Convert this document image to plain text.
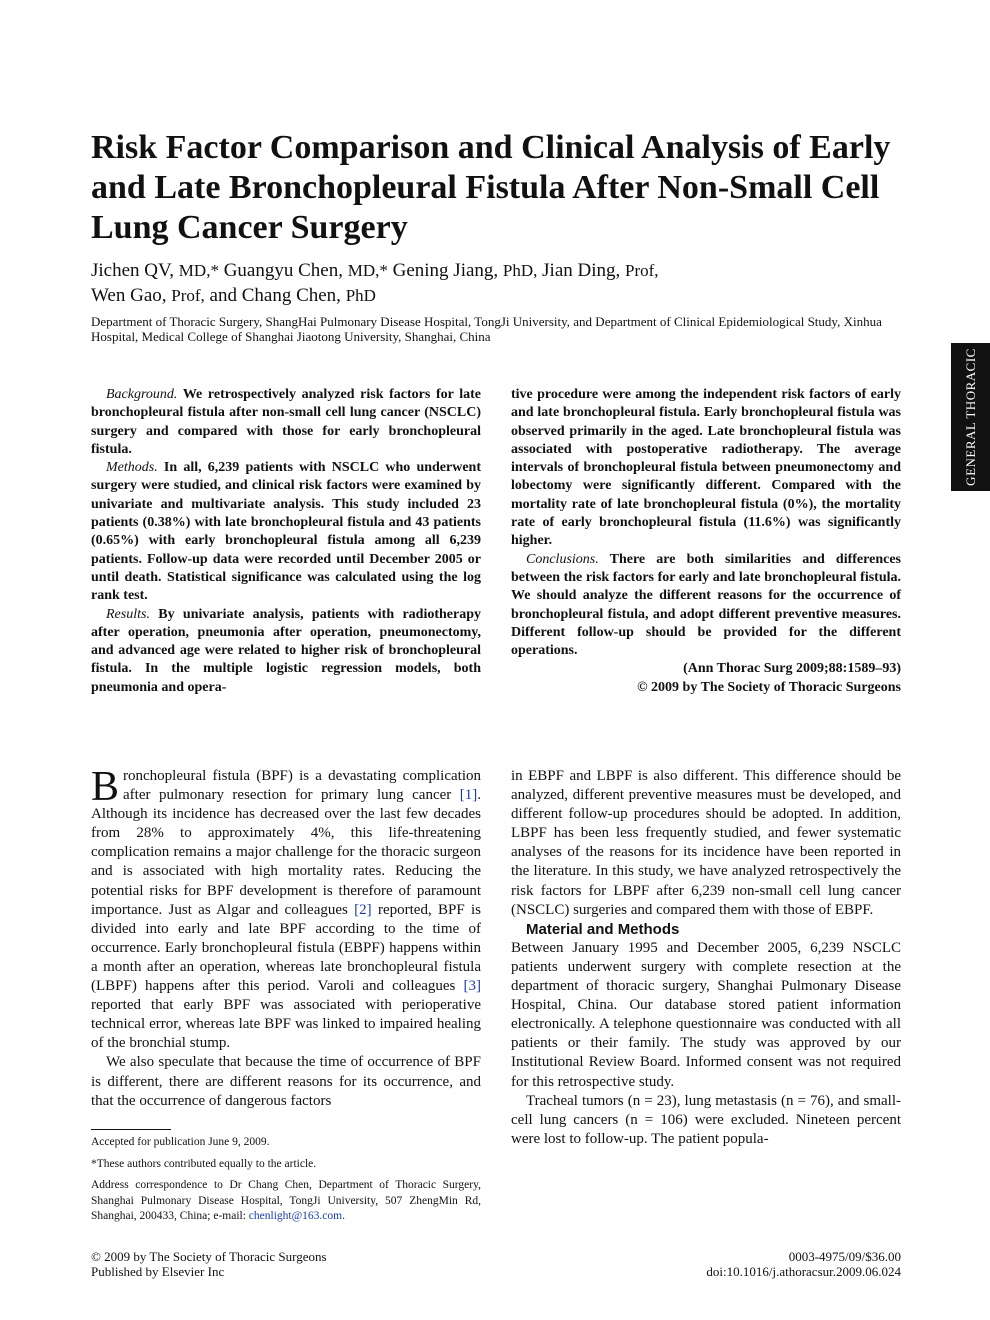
Risk Factor Comparison and Clinical Analysis of Early and Late Bronchopleural Fistula After Non-Small Cell Lung Cancer Surgery
Jichen QV, MD,* Guangyu Chen, MD,* Gening Jiang, PhD, Jian Ding, Prof,
Wen Gao, Prof, and Chang Chen, PhD
Department of Thoracic Surgery, ShangHai Pulmonary Disease Hospital, TongJi University, and Department of Clinical Epidemiological Study, Xinhua Hospital, Medical College of Shanghai Jiaotong University, Shanghai, China
GENERAL THORACIC

Background. We retrospectively analyzed risk factors for late bronchopleural fistula after non-small cell lung cancer (NSCLC) surgery and compared with those for early bronchopleural fistula.

Methods. In all, 6,239 patients with NSCLC who underwent surgery were studied, and clinical risk factors were examined by univariate and multivariate analysis. This study included 23 patients (0.38%) with late bronchopleural fistula and 43 patients (0.65%) with early bronchopleural fistula among all 6,239 patients. Follow-up data were recorded until December 2005 or until death. Statistical significance was calculated using the log rank test.

Results. By univariate analysis, patients with radiotherapy after operation, pneumonia after operation, pneumonectomy, and advanced age were related to higher risk of bronchopleural fistula. In the multiple logistic regression models, both pneumonia and opera-

tive procedure were among the independent risk factors of early and late bronchopleural fistula. Early bronchopleural fistula was observed primarily in the aged. Late bronchopleural fistula was associated with postoperative radiotherapy. The average intervals of bronchopleural fistula between pneumonectomy and lobectomy were significantly different. Compared with the mortality rate of late bronchopleural fistula (0%), the mortality rate of early bronchopleural fistula (11.6%) was significantly higher.

Conclusions. There are both similarities and differences between the risk factors for early and late bronchopleural fistula. We should analyze the different reasons for the occurrence of bronchopleural fistula, and adopt different preventive measures. Different follow-up should be provided for the different operations.

(Ann Thorac Surg 2009;88:1589–93)

© 2009 by The Society of Thoracic Surgeons

Bronchopleural fistula (BPF) is a devastating complication after pulmonary resection for primary lung cancer [1]. Although its incidence has decreased over the last few decades from 28% to approximately 4%, this life-threatening complication remains a major challenge for the thoracic surgeon and is associated with high mortality rates. Reducing the potential risks for BPF development is therefore of paramount importance. Just as Algar and colleagues [2] reported, BPF is divided into early and late BPF according to the time of occurrence. Early bronchopleural fistula (EBPF) happens within a month after an operation, whereas late bronchopleural fistula (LBPF) happens after this period. Varoli and colleagues [3] reported that early BPF was associated with perioperative technical error, whereas late BPF was linked to impaired healing of the bronchial stump.

We also speculate that because the time of occurrence of BPF is different, there are different reasons for its occurrence, and that the occurrence of dangerous factors

in EBPF and LBPF is also different. This difference should be analyzed, different preventive measures must be developed, and different follow-up procedures should be adopted. In addition, LBPF has been less frequently studied, and fewer systematic analyses of the reasons for its incidence have been reported in the literature. In this study, we have analyzed retrospectively the risk factors for LBPF after 6,239 non-small cell lung cancer (NSCLC) surgeries and compared them with those of EBPF.

Material and Methods

Between January 1995 and December 2005, 6,239 NSCLC patients underwent surgery with complete resection at the department of thoracic surgery, Shanghai Pulmonary Disease Hospital, China. Our database stored patient information electronically. A telephone questionnaire was conducted with all patients or their family. The study was approved by our Institutional Review Board. Informed consent was not required for this retrospective study.

Tracheal tumors (n = 23), lung metastasis (n = 76), and small-cell lung cancers (n = 106) were excluded. Nineteen percent were lost to follow-up. The patient popula-

Accepted for publication June 9, 2009.

*These authors contributed equally to the article.

Address correspondence to Dr Chang Chen, Department of Thoracic Surgery, Shanghai Pulmonary Disease Hospital, TongJi University, 507 ZhengMin Rd, Shanghai, 200433, China; e-mail: chenlight@163.com.

© 2009 by The Society of Thoracic Surgeons
Published by Elsevier Inc
0003-4975/09/$36.00
doi:10.1016/j.athoracsur.2009.06.024
